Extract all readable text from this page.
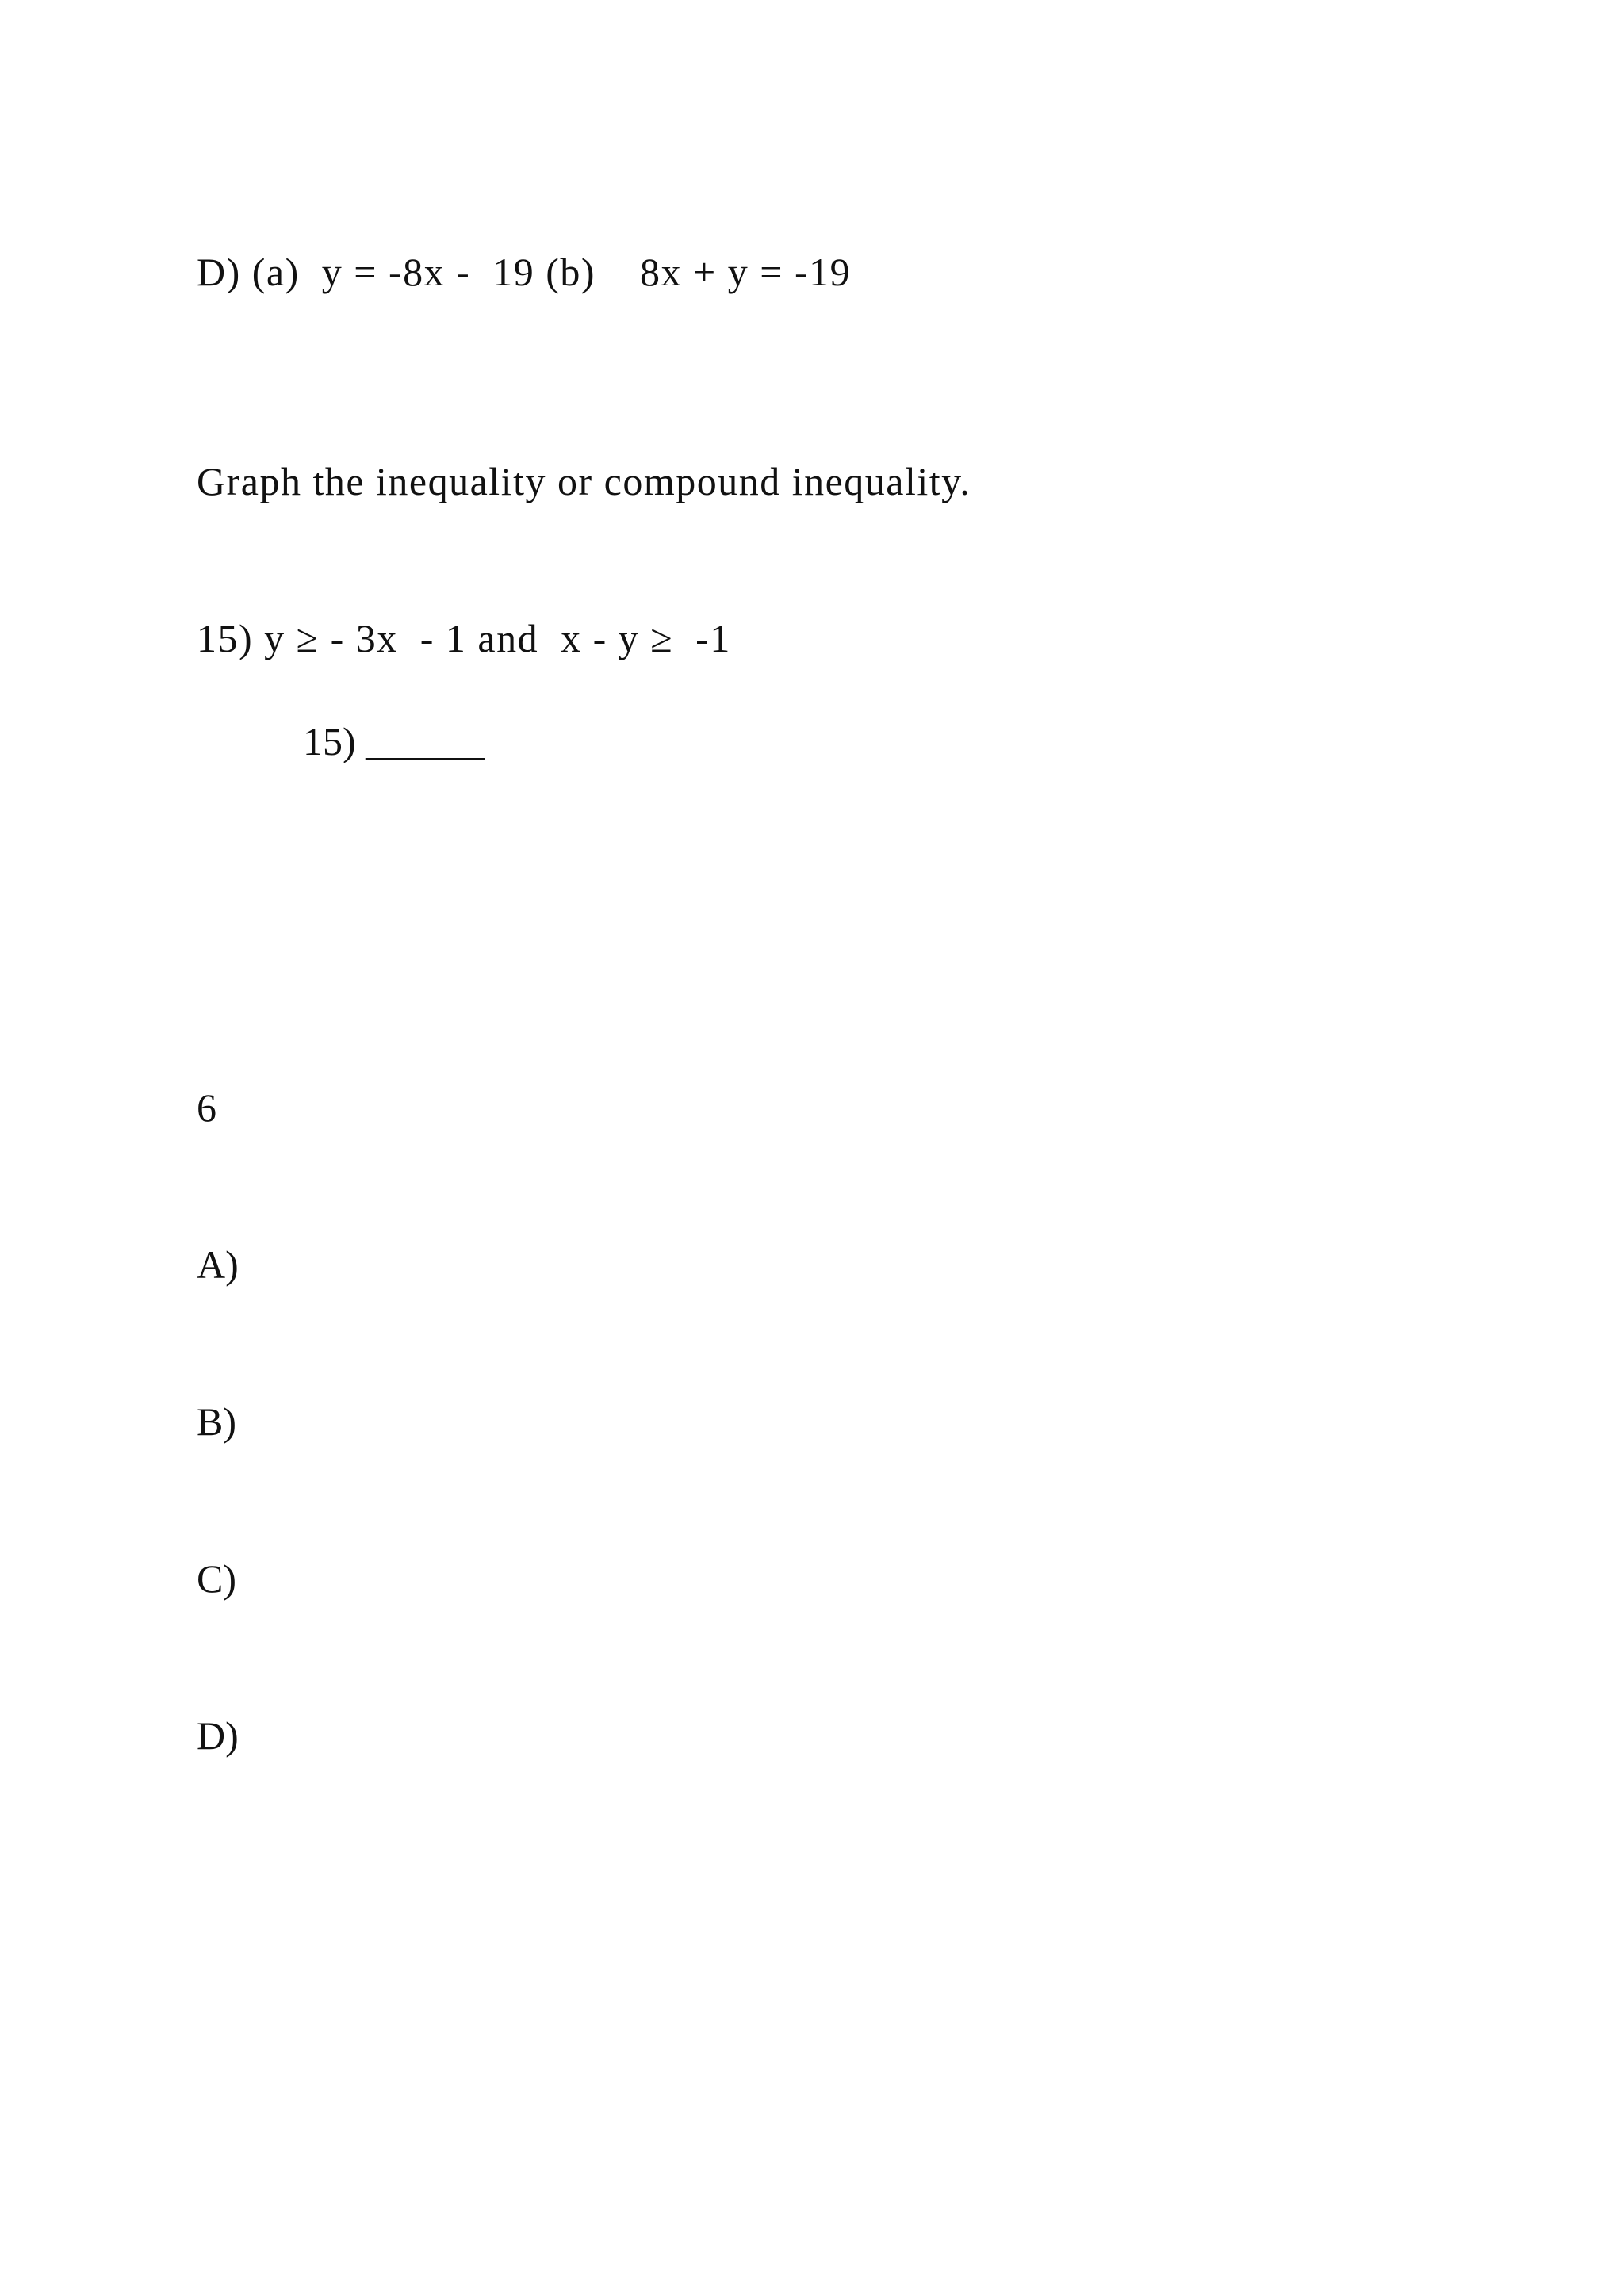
D) (a)  y = -8x -  19 (b)    8x + y = -19
Graph the inequality or compound inequality.
15) y ≥ - 3x  - 1 and  x - y ≥  -1
15) ______
6
A)
B)
C)
D)
